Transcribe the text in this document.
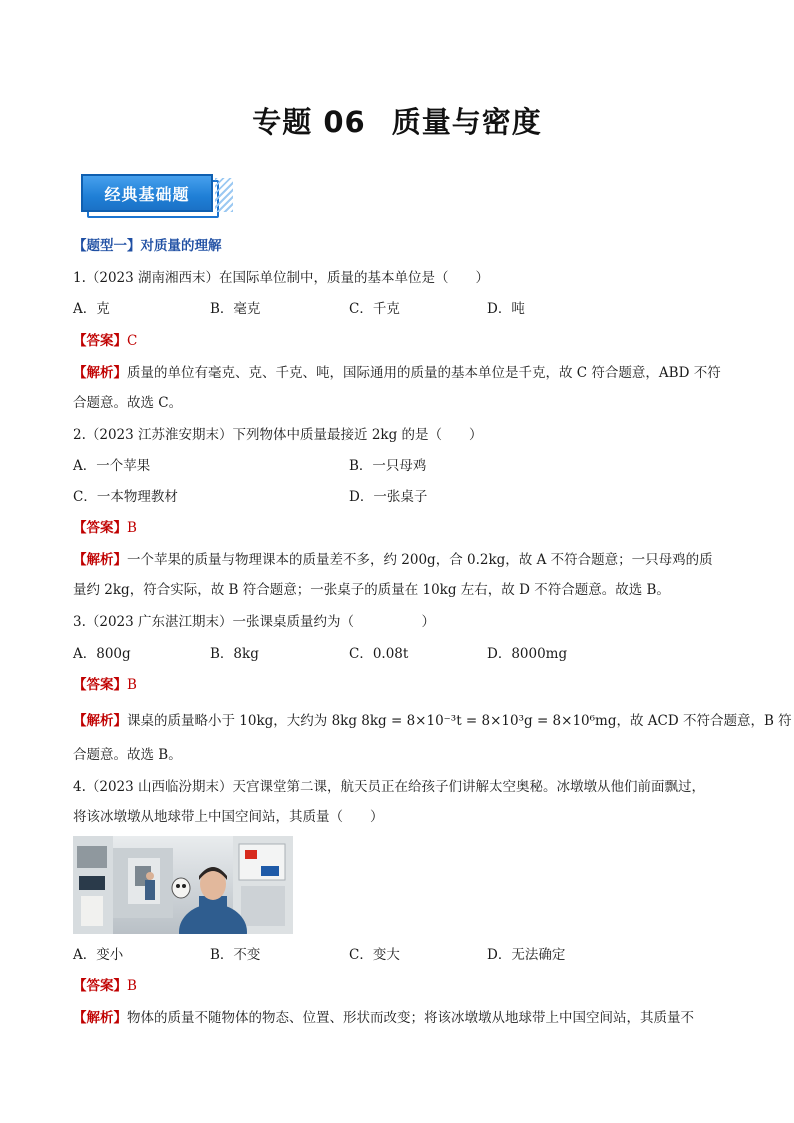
专题 06 质量与密度
经典基础题
【题型一】对质量的理解
1.（2023 湖南湘西末）在国际单位制中，质量的基本单位是（　　）
A．克	B．毫克	C．千克	D．吨
【答案】C
【解析】质量的单位有毫克、克、千克、吨，国际通用的质量的基本单位是千克，故 C 符合题意，ABD 不符
合题意。故选 C。
2.（2023 江苏淮安期末）下列物体中质量最接近 2kg 的是（　　）
A．一个苹果	B．一只母鸡
C．一本物理教材	D．一张桌子
【答案】B
【解析】一个苹果的质量与物理课本的质量差不多，约 200g，合 0.2kg，故 A 不符合题意；一只母鸡的质
量约 2kg，符合实际，故 B 符合题意；一张桌子的质量在 10kg 左右，故 D 不符合题意。故选 B。
3.（2023 广东湛江期末）一张课桌质量约为（　　　　　）
A．800g	B．8kg	C．0.08t	D．8000mg
【答案】B
【解析】课桌的质量略小于 10kg，大约为 8kg 8kg = 8×10⁻³t = 8×10³g = 8×10⁶mg，故 ACD 不符合题意，B 符
合题意。故选 B。
4.（2023 山西临汾期末）天宫课堂第二课，航天员正在给孩子们讲解太空奥秘。冰墩墩从他们前面飘过，
将该冰墩墩从地球带上中国空间站，其质量（　　）
A．变小	B．不变	C．变大	D．无法确定
【答案】B
【解析】物体的质量不随物体的物态、位置、形状而改变；将该冰墩墩从地球带上中国空间站，其质量不
